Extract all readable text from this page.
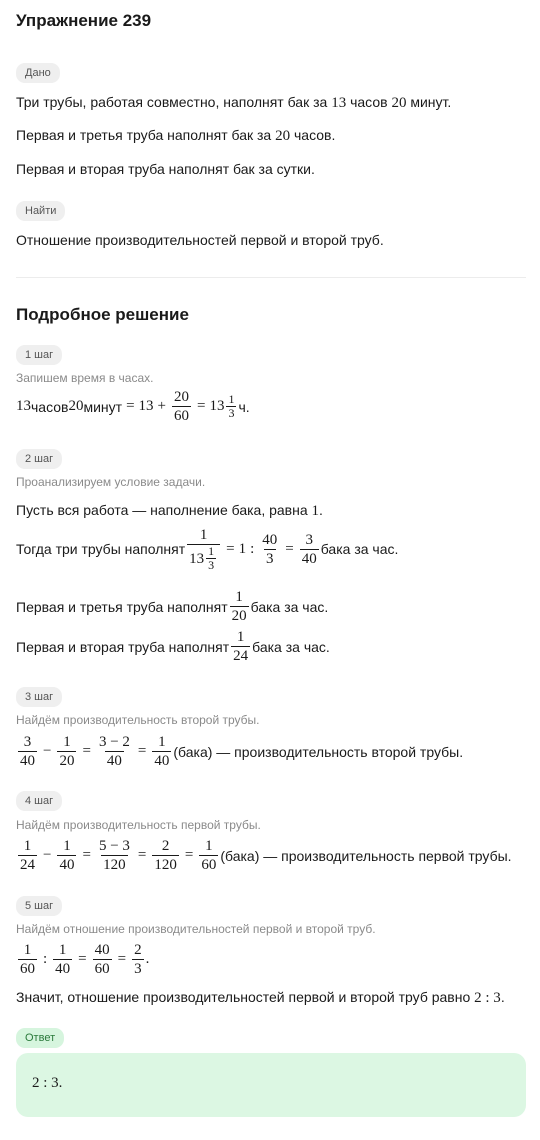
Упражнение 239
Дано
Три трубы, работая совместно, наполнят бак за 13 часов 20 минут.
Первая и третья труба наполнят бак за 20 часов.
Первая и вторая труба наполнят бак за сутки.
Найти
Отношение производительностей первой и второй труб.
Подробное решение
1 шаг
Запишем время в часах.
13 часов 20 минут = $13 + \frac{20}{60} = 13 \frac{1}{3} ч$.
2 шаг
Проанализируем условие задачи.
Пусть вся работа — наполнение бака, равна 1.
Тогда три трубы наполнят $\frac{1}{13 \frac{1}{3}} = 1$ : $\frac{40}{3} = \frac{3}{40}$ бака за час.
Первая и третья труба наполнят $\frac{1}{20}$ бака за час.
Первая и вторая труба наполнят $\frac{1}{24}$ бака за час.
3 шаг
Найдём производительность второй трубы.
$\frac{3}{40} - \frac{1}{20} = \frac{3 - 2}{40} = \frac{1}{40}$ (бака) — производительность второй трубы.
4 шаг
Найдём производительность первой трубы.
$\frac{1}{24} - \frac{1}{40} = \frac{5 - 3}{120} = \frac{2}{120} = \frac{1}{60}$ (бака) — производительность первой трубы.
5 шаг
Найдём отношение производительностей первой и второй труб.
$\frac{1}{60}$ : $\frac{1}{40} = \frac{40}{60} = \frac{2}{3}$ .
Значит, отношение производительностей первой и второй труб равно 2 : 3.
Ответ
2 : 3.
